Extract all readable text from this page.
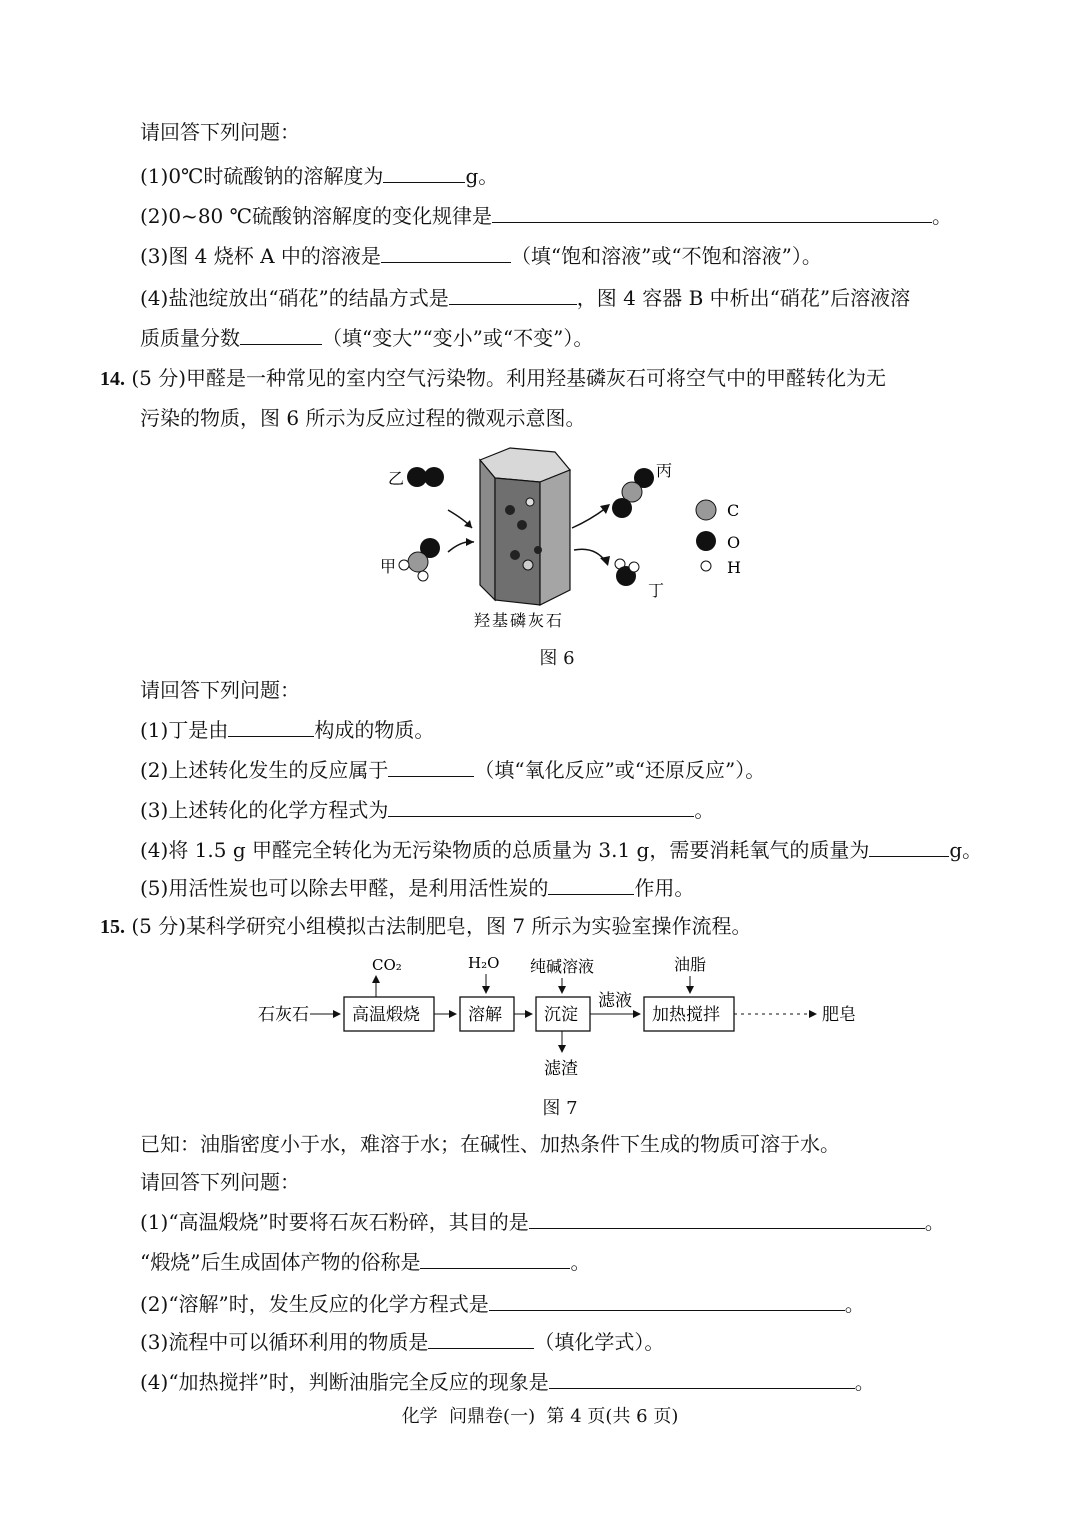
请回答下列问题：
(1)0℃时硫酸钠的溶解度为	g。
(2)0~80 ℃硫酸钠溶解度的变化规律是	。
(3)图 4 烧杯 A 中的溶液是	（填“饱和溶液”或“不饱和溶液”）。
(4)盐池绽放出“硝花”的结晶方式是	，图 4 容器 B 中析出“硝花”后溶液溶
质质量分数	（填“变大”“变小”或“不变”）。
14. (5 分)甲醛是一种常见的室内空气污染物。利用羟基磷灰石可将空气中的甲醛转化为无
污染的物质，图 6 所示为反应过程的微观示意图。
乙
甲
羟基磷灰石
丙
丁
C
O
H
图 6
请回答下列问题：
(1)丁是由	构成的物质。
(2)上述转化发生的反应属于	（填“氧化反应”或“还原反应”）。
(3)上述转化的化学方程式为	。
(4)将 1.5 g 甲醛完全转化为无污染物质的总质量为 3.1 g，需要消耗氧气的质量为	g。
(5)用活性炭也可以除去甲醛，是利用活性炭的	作用。
15. (5 分)某科学研究小组模拟古法制肥皂，图 7 所示为实验室操作流程。
石灰石	高温煅烧
CO₂
溶解
H₂O
沉淀
纯碱溶液
滤渣
滤液
加热搅拌
油脂
肥皂
图 7
已知：油脂密度小于水，难溶于水；在碱性、加热条件下生成的物质可溶于水。
请回答下列问题：
(1)“高温煅烧”时要将石灰石粉碎，其目的是	。
“煅烧”后生成固体产物的俗称是	。
(2)“溶解”时，发生反应的化学方程式是	。
(3)流程中可以循环利用的物质是	（填化学式）。
(4)“加热搅拌”时，判断油脂完全反应的现象是	。
化学  问鼎卷(一)  第 4 页(共 6 页)
